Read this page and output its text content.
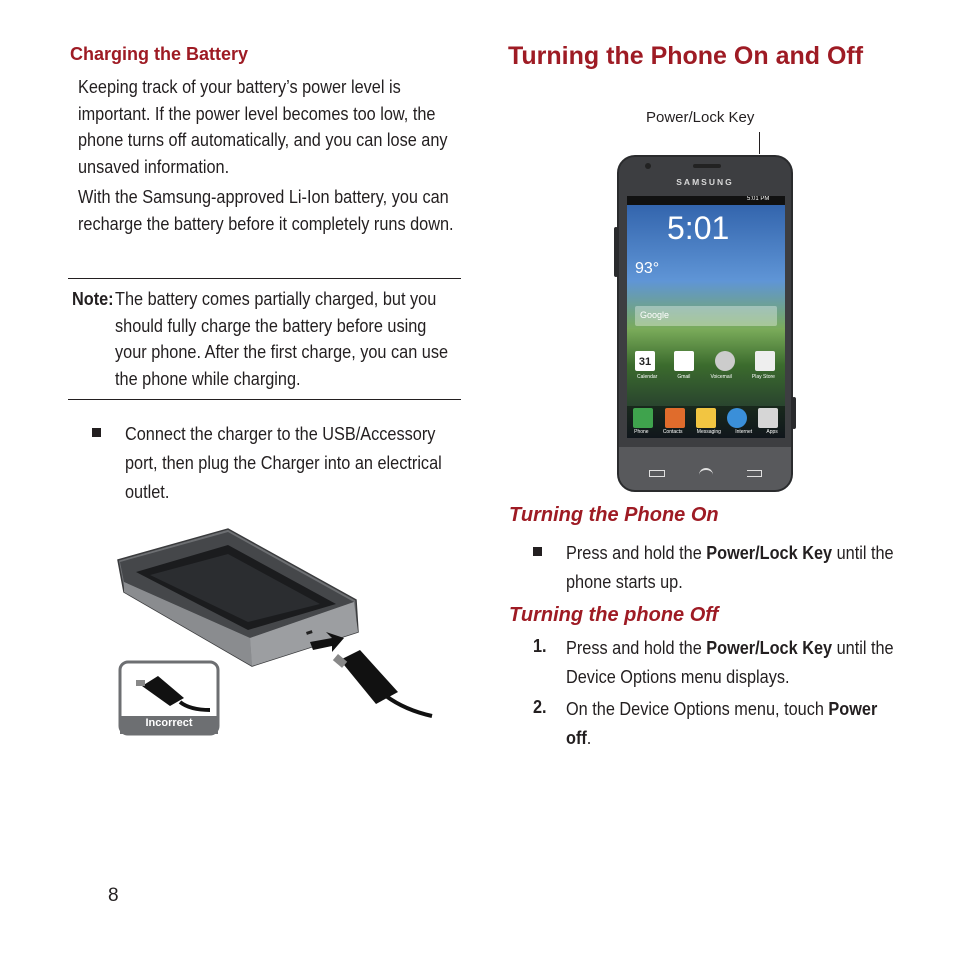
Charging the Battery
Keeping track of your battery’s power level is important. If the power level becomes too low, the phone turns off automatically, and you can lose any unsaved information.
With the Samsung-approved Li-Ion battery, you can recharge the battery before it completely runs down.
Note: The battery comes partially charged, but you should fully charge the battery before using your phone. After the first charge, you can use the phone while charging.
Connect the charger to the USB/Accessory port, then plug the Charger into an electrical outlet.
Incorrect
Turning the Phone On and Off
Power/Lock Key
SAMSUNG
5:01 PM
5:01
93°
Google
31
Calendar	Gmail	Voicemail	Play Store
Phone	Contacts	Messaging	Internet	Apps
Turning the Phone On
Press and hold the Power/Lock Key until the phone starts up.
Turning the phone Off
1. Press and hold the Power/Lock Key until the Device Options menu displays.
2. On the Device Options menu, touch Power off.
8
